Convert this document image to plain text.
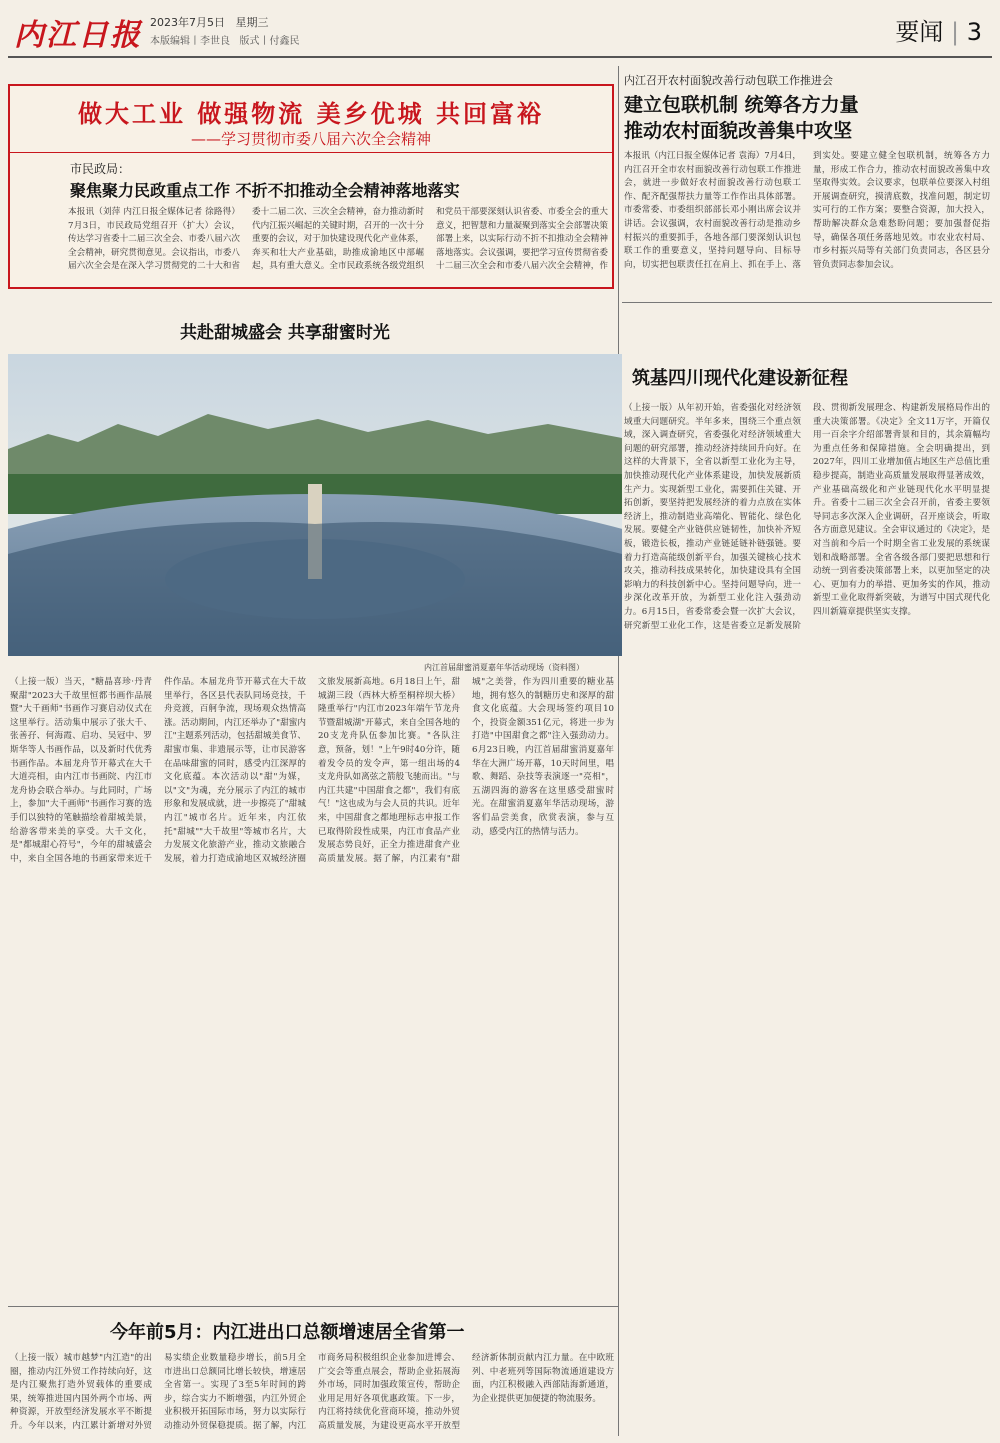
内江日报 2023年7月5日 星期三
本版编辑丨李世良 版式丨付鑫民	要闻 | 3
做大工业 做强物流 美乡优城 共回富裕
——学习贯彻市委八届六次全会精神
市民政局：
聚焦聚力民政重点工作 不折不扣推动全会精神落地落实
本报讯（刘萍 内江日报全媒体记者 徐路得）7月3日，市民政局党组召开（扩大）会议，传达学习省委十二届三次全会、市委八届六次全会精神，研究贯彻意见。会议指出，市委八届六次全会是在深入学习贯彻党的二十大和省委十二届二次、三次全会精神，奋力推动新时代内江振兴崛起的关键时期，召开的一次十分重要的会议，对于加快建设现代化产业体系，奔买和壮大产业基础，助推成渝地区中部崛起，具有重大意义。全市民政系统各级党组织和党员干部要深刻认识省委、市委全会的重大意义，把智慧和力量凝聚到落实全会部署决策部署上来，以实际行动不折不扣推动全会精神落地落实。会议强调，要把学习宣传贯彻省委十二届三次全会和市委八届六次全会精神，作
内江召开农村面貌改善行动包联工作推进会
建立包联机制 统筹各方力量
推动农村面貌改善集中攻坚
本报讯（内江日报全媒体记者 袁海）7月4日，内江召开全市农村面貌改善行动包联工作推进会，就进一步做好农村面貌改善行动包联工作、配齐配强帮扶力量等工作作出具体部署。市委常委、市委组织部部长邓小刚出席会议并讲话。会议强调，农村面貌改善行动是推动乡村振兴的重要抓手，各地各部门要深刻认识包联工作的重要意义，坚持问题导向、目标导向，切实把包联责任扛在肩上、抓在手上、落到实处。要建立健全包联机制，统筹各方力量，形成工作合力，推动农村面貌改善集中攻坚取得实效。会议要求，包联单位要深入村组开展调查研究，摸清底数，找准问题，制定切实可行的工作方案；要整合资源，加大投入，帮助解决群众急难愁盼问题；要加强督促指导，确保各项任务落地见效。市农业农村局、市乡村振兴局等有关部门负责同志，各区县分管负责同志参加会议。
筑基四川现代化建设新征程
（上接一版）从年初开始，省委强化对经济领域重大问题研究。半年多来，围绕三个重点领域，深入调查研究，省委强化对经济领域重大问题的研究部署，推动经济持续回升向好。在这样的大背景下，全省以新型工业化为主导，加快推动现代化产业体系建设，加快发展新质生产力。实现新型工业化，需要抓住关键、开拓创新，要坚持把发展经济的着力点放在实体经济上，推动制造业高端化、智能化、绿色化发展。要健全产业链供应链韧性，加快补齐短板，锻造长板，推动产业链延链补链强链。要着力打造高能级创新平台，加强关键核心技术攻关，推动科技成果转化，加快建设具有全国影响力的科技创新中心。坚持问题导向，进一步深化改革开放，为新型工业化注入强劲动力。6月15日，省委常委会暨一次扩大会议，研究新型工业化工作，这是省委立足新发展阶段、贯彻新发展理念、构建新发展格局作出的重大决策部署。《决定》全文11万字，开篇仅用一百余字介绍部署背景和目的，其余篇幅均为重点任务和保障措施。全会明确提出，到2027年，四川工业增加值占地区生产总值比重稳步提高，制造业高质量发展取得显著成效，产业基础高级化和产业链现代化水平明显提升。省委十二届三次全会召开前，省委主要领导同志多次深入企业调研，召开座谈会，听取各方面意见建议。全会审议通过的《决定》，是对当前和今后一个时期全省工业发展的系统谋划和战略部署。全省各级各部门要把思想和行动统一到省委决策部署上来，以更加坚定的决心、更加有力的举措、更加务实的作风，推动新型工业化取得新突破，为谱写中国式现代化四川新篇章提供坚实支撑。
共赴甜城盛会 共享甜蜜时光
内江首届甜蜜消夏嘉年华活动现场（资料图）
（上接一版）当天，"糖晶喜珍·丹青聚甜"2023大千故里恒都书画作品展暨"大千画师"书画作习赛启动仪式在这里举行。活动集中展示了张大千、张善孖、何海霞、启功、吴冠中、罗斯华等人书画作品，以及新时代优秀书画作品。本届龙舟节开幕式在大千大道亮相，由内江市书画院、内江市龙舟协会联合举办。与此同时，广场上，参加"大千画师"书画作习赛的选手们以独特的笔触描绘着甜城美景，给游客带来美的享受。大千文化，是"都城甜心符号"，今年的甜城盛会中，来自全国各地的书画家带来近千件作品。本届龙舟节开幕式在大千故里举行，各区县代表队同场竞技，千舟竞渡，百舸争流，现场观众热情高涨。活动期间，内江还举办了"甜蜜内江"主题系列活动，包括甜城美食节、甜蜜市集、非遗展示等，让市民游客在品味甜蜜的同时，感受内江深厚的文化底蕴。本次活动以"甜"为媒，以"文"为魂，充分展示了内江的城市形象和发展成就，进一步擦亮了"甜城内江"城市名片。近年来，内江依托"甜城""大千故里"等城市名片，大力发展文化旅游产业，推动文旅融合发展，着力打造成渝地区双城经济圈文旅发展新高地。6月18日上午，甜城湖三段（西林大桥至桐梓坝大桥）隆重举行"内江市2023年端午节龙舟节暨甜城湖"开幕式，来自全国各地的20支龙舟队伍参加比赛。"各队注意，预备，划！"上午9时40分许，随着发令员的发令声，第一组出场的4支龙舟队如离弦之箭般飞驰而出。"与内江共建"中国甜食之都"，我们有底气！"这也成为与会人员的共识。近年来，中国甜食之都地理标志申报工作已取得阶段性成果，内江市食品产业发展态势良好，正全力推进甜食产业高质量发展。据了解，内江素有"甜城"之美誉，作为四川重要的糖业基地，拥有悠久的制糖历史和深厚的甜食文化底蕴。大会现场签约项目10个，投资金额351亿元，将进一步为打造"中国甜食之都"注入强劲动力。6月23日晚，内江首届甜蜜消夏嘉年华在大洲广场开幕，10天时间里，唱歌、舞蹈、杂技等表演逐一"亮相"，五湖四海的游客在这里感受甜蜜时光。在甜蜜消夏嘉年华活动现场，游客们品尝美食，欣赏表演，参与互动，感受内江的热情与活力。
今年前5月：内江进出口总额增速居全省第一
（上接一版）城市越梦"内江造"的出圈，推动内江外贸工作持续向好，这是内江聚焦打造外贸载体的重要成果，统筹推进国内国外两个市场、两种资源，开放型经济发展水平不断提升。今年以来，内江累计新增对外贸易实绩企业数量稳步增长，前5月全市进出口总额同比增长较快，增速居全省第一。实现了3至5年时间的跨步，综合实力不断增强，内江外贸企业积极开拓国际市场，努力以实际行动推动外贸保稳提质。据了解，内江市商务局积极组织企业参加进博会、广交会等重点展会，帮助企业拓展海外市场，同时加强政策宣传，帮助企业用足用好各项优惠政策。下一步，内江将持续优化营商环境，推动外贸高质量发展，为建设更高水平开放型经济新体制贡献内江力量。在中欧班列、中老班列等国际物流通道建设方面，内江积极融入西部陆海新通道，为企业提供更加便捷的物流服务。
